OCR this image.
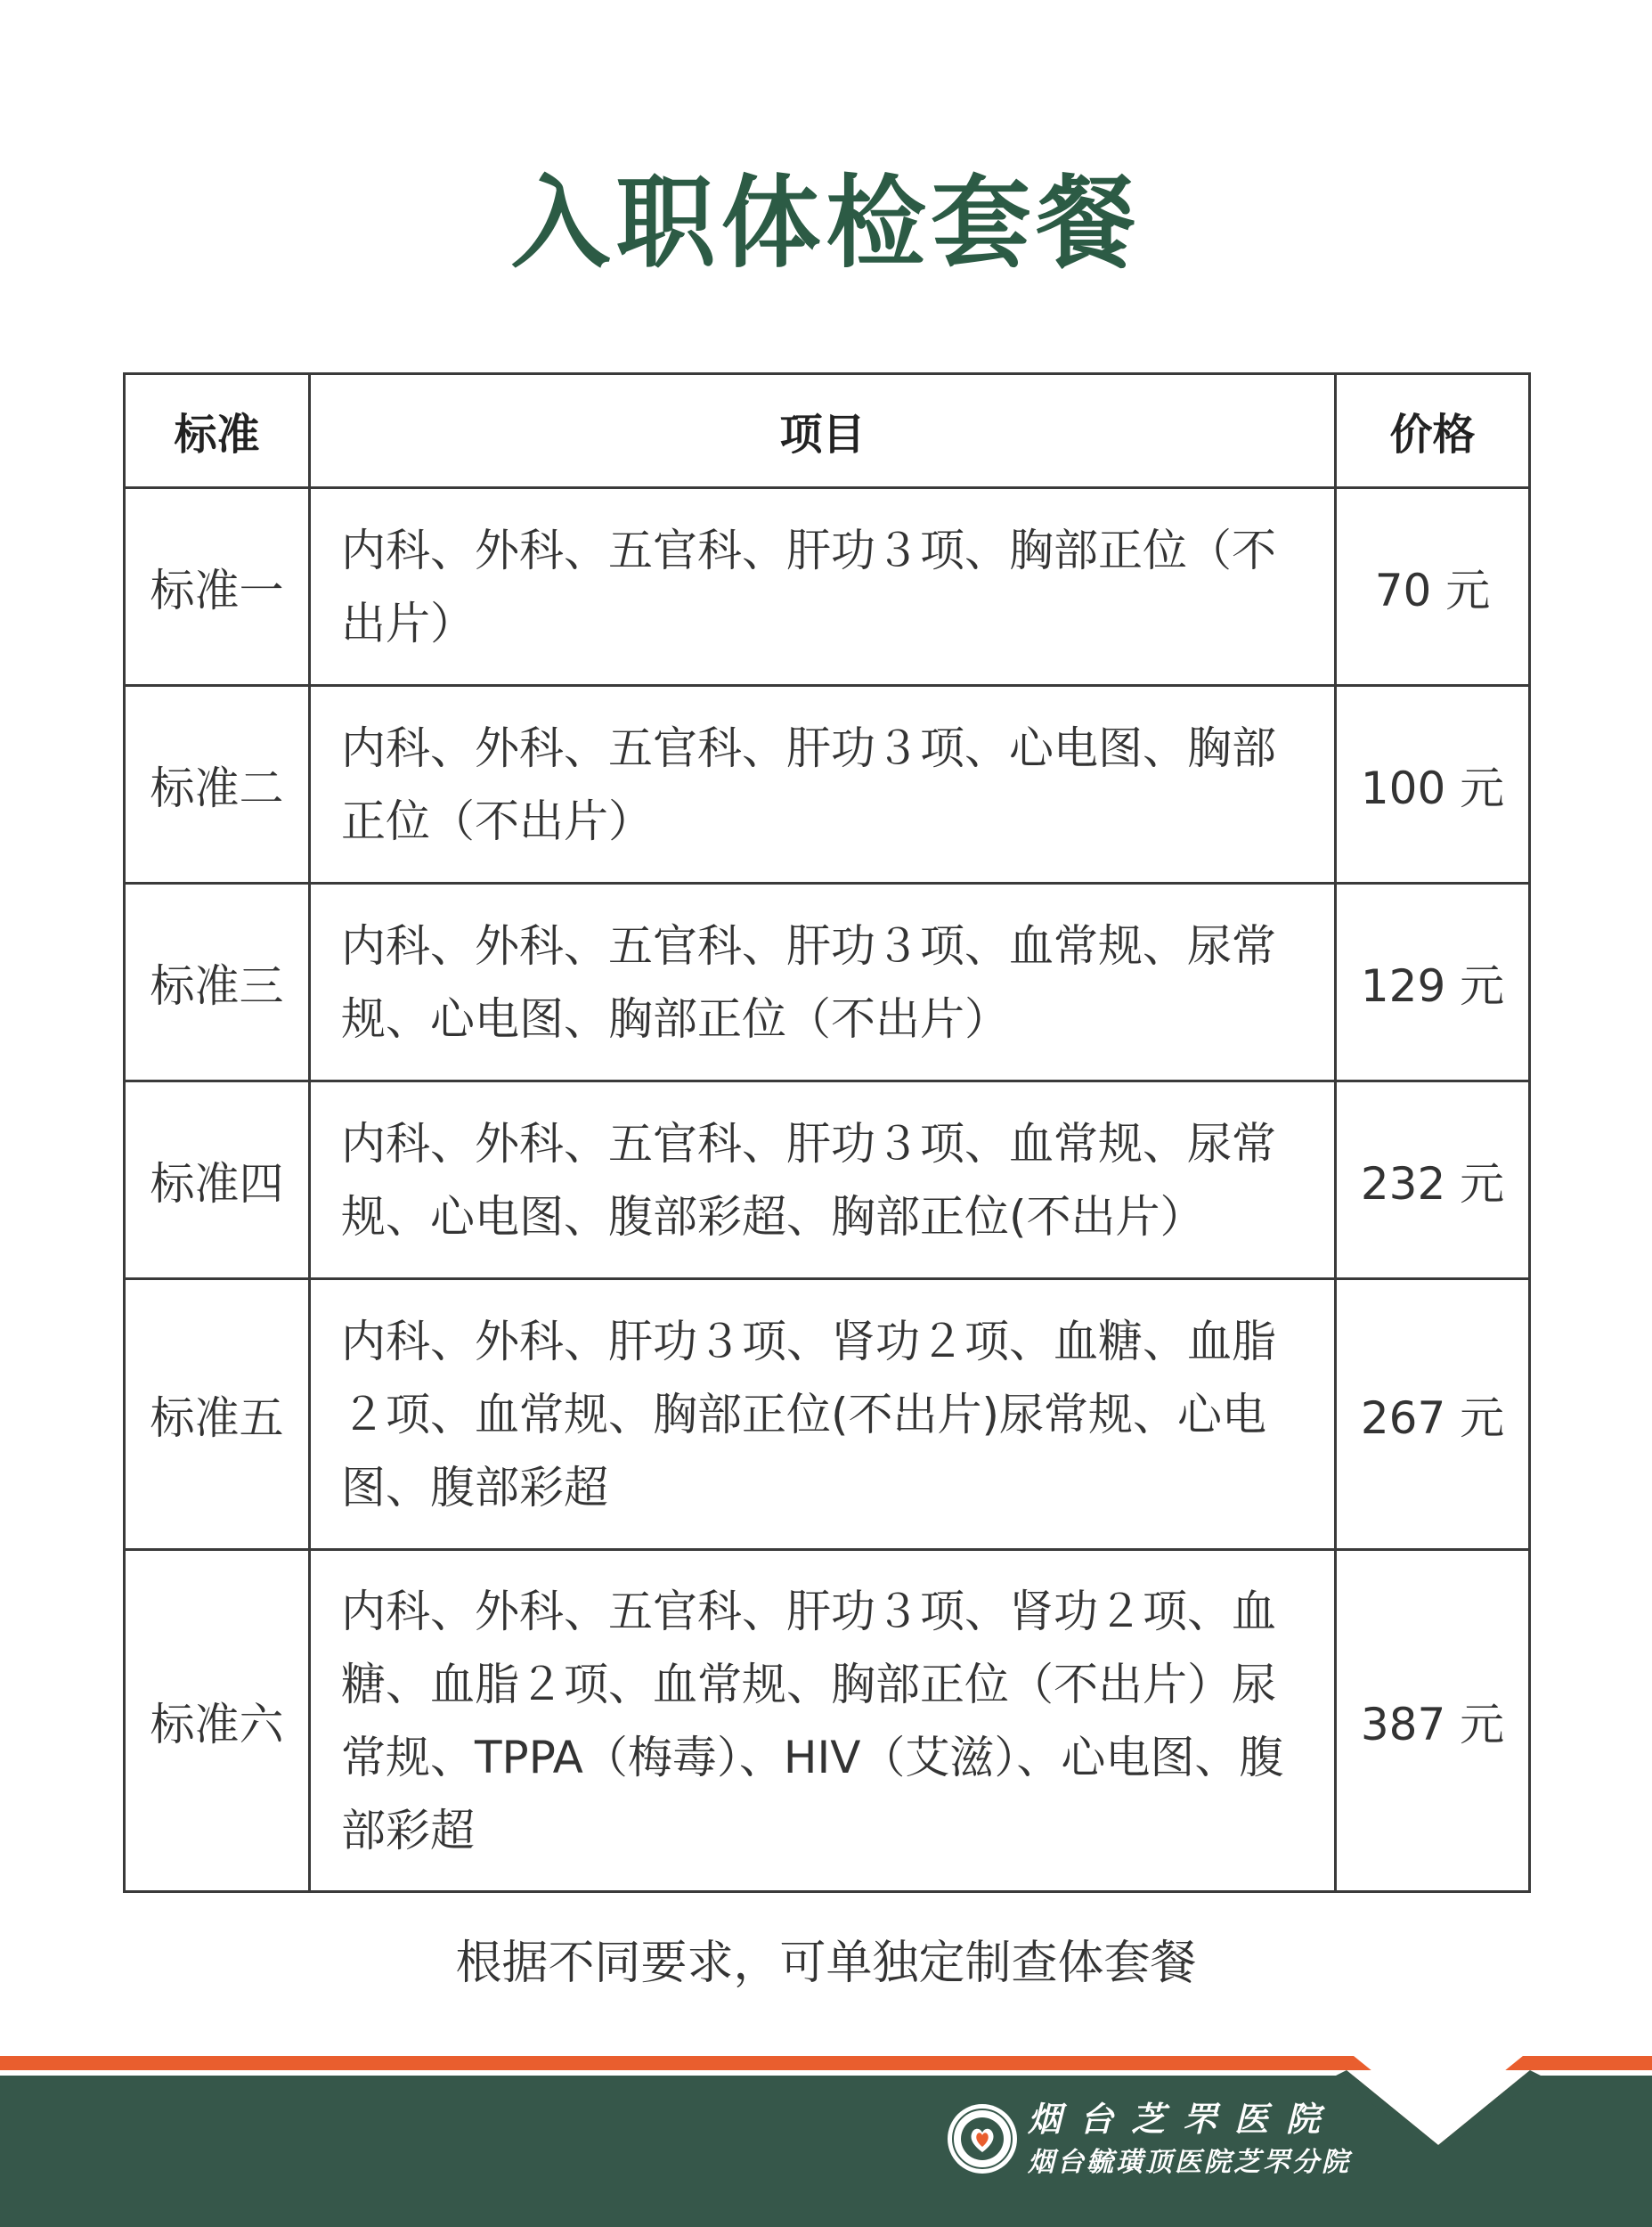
入职体检套餐
标准	项目	价格
标准一	内科、外科、五官科、肝功３项、胸部正位（不出片）	70 元
标准二	内科、外科、五官科、肝功３项、心电图、胸部正位（不出片）	100 元
标准三	内科、外科、五官科、肝功３项、血常规、尿常规、心电图、胸部正位（不出片）	129 元
标准四	内科、外科、五官科、肝功３项、血常规、尿常规、心电图、腹部彩超、胸部正位(不出片）	232 元
标准五	内科、外科、肝功３项、肾功２项、血糖、血脂２项、血常规、胸部正位(不出片)尿常规、心电图、腹部彩超	267 元
标准六	内科、外科、五官科、肝功３项、肾功２项、血糖、血脂２项、血常规、胸部正位（不出片）尿常规、TPPA（梅毒）、HIV（艾滋）、心电图、腹部彩超	387 元
根据不同要求，可单独定制查体套餐
烟台芝罘医院
烟台毓璜顶医院芝罘分院
